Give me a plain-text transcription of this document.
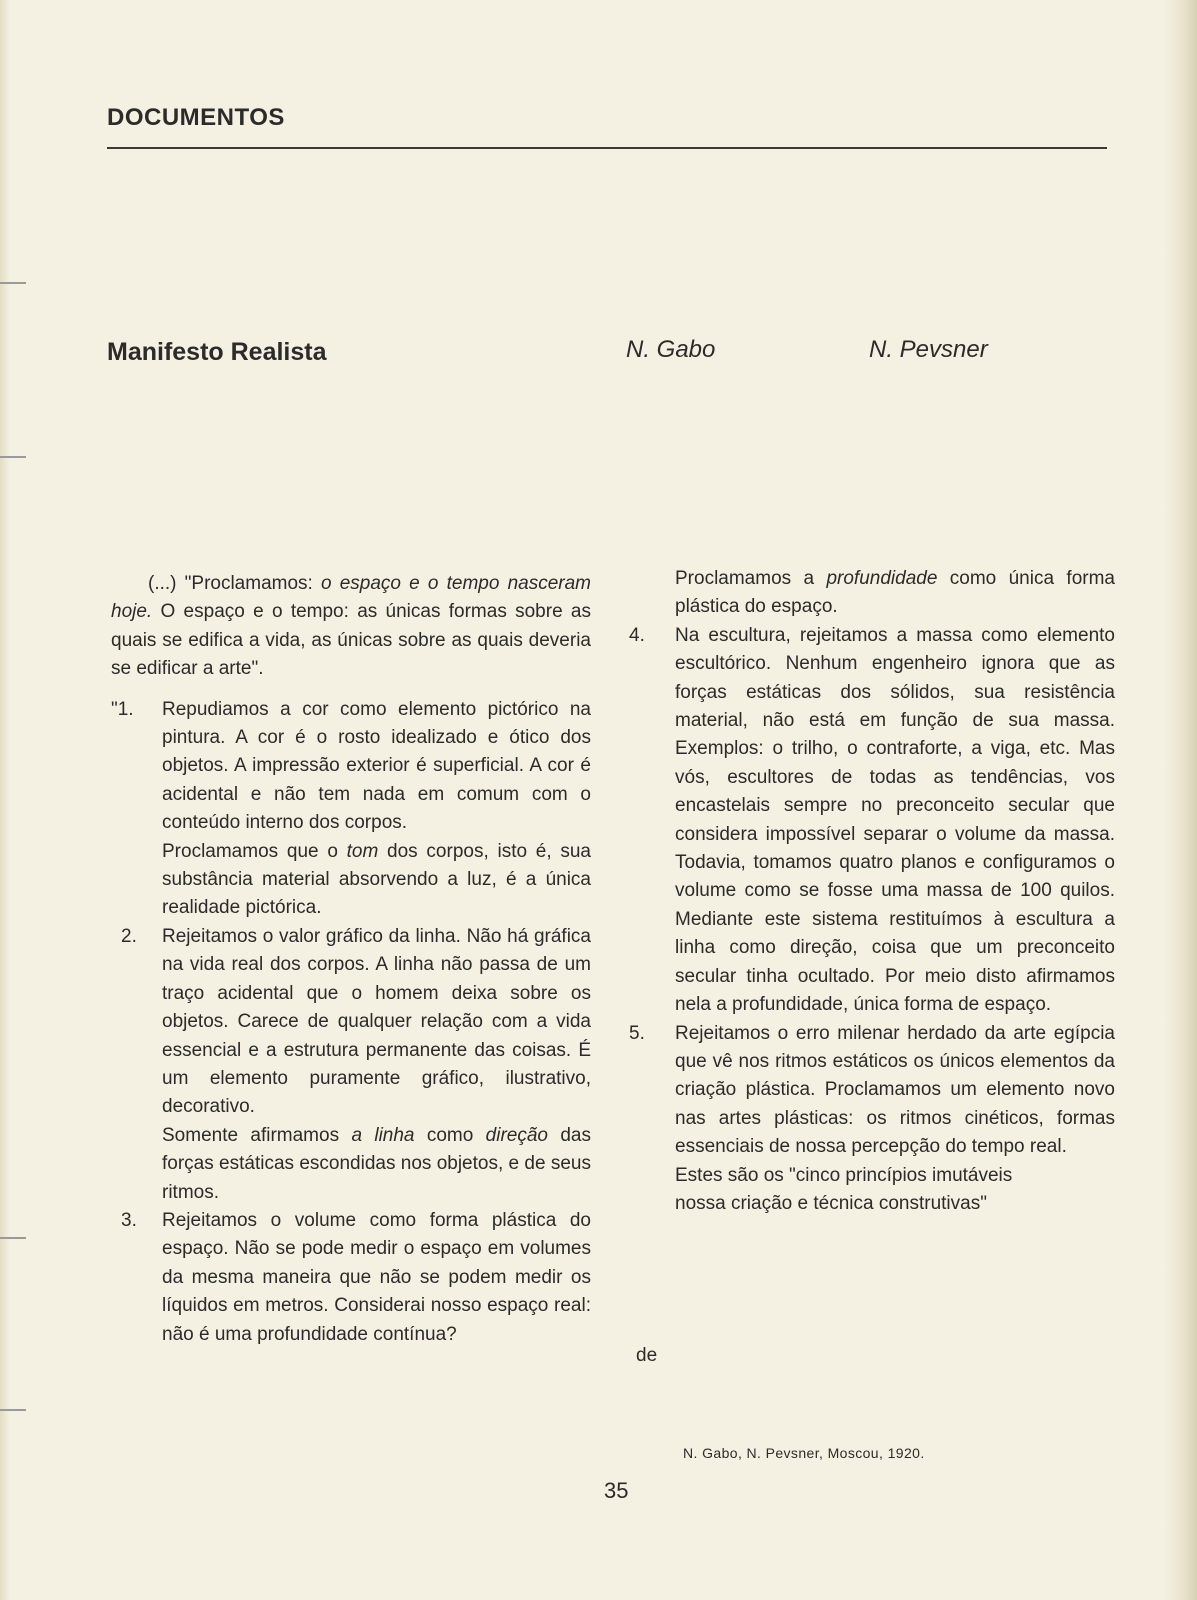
DOCUMENTOS
Manifesto Realista	N. Gabo	N. Pevsner

(...) "Proclamamos: o espaço e o tempo nasceram hoje. O espaço e o tempo: as únicas formas sobre as quais se edifica a vida, as únicas sobre as quais deveria se edificar a arte".

"1. Repudiamos a cor como elemento pictórico na pintura. A cor é o rosto idealizado e ótico dos objetos. A impressão exterior é superficial. A cor é acidental e não tem nada em comum com o conteúdo interno dos corpos.

Proclamamos que o tom dos corpos, isto é, sua substância material absorvendo a luz, é a única realidade pictórica.

2. Rejeitamos o valor gráfico da linha. Não há gráfica na vida real dos corpos. A linha não passa de um traço acidental que o homem deixa sobre os objetos. Carece de qualquer relação com a vida essencial e a estrutura permanente das coisas. É um elemento puramente gráfico, ilustrativo, decorativo.

Somente afirmamos a linha como direção das forças estáticas escondidas nos objetos, e de seus ritmos.

3. Rejeitamos o volume como forma plástica do espaço. Não se pode medir o espaço em volumes da mesma maneira que não se podem medir os líquidos em metros. Considerai nosso espaço real: não é uma profundidade contínua?

Proclamamos a profundidade como única forma plástica do espaço.

4. Na escultura, rejeitamos a massa como elemento escultórico. Nenhum engenheiro ignora que as forças estáticas dos sólidos, sua resistência material, não está em função de sua massa. Exemplos: o trilho, o contraforte, a viga, etc. Mas vós, escultores de todas as tendências, vos encastelais sempre no preconceito secular que considera impossível separar o volume da massa. Todavia, tomamos quatro planos e configuramos o volume como se fosse uma massa de 100 quilos. Mediante este sistema restituímos à escultura a linha como direção, coisa que um preconceito secular tinha ocultado. Por meio disto afirmamos nela a profundidade, única forma de espaço.

5. Rejeitamos o erro milenar herdado da arte egípcia que vê nos ritmos estáticos os únicos elementos da criação plástica. Proclamamos um elemento novo nas artes plásticas: os ritmos cinéticos, formas essenciais de nossa percepção do tempo real.

Estes são os "cinco princípios imutáveis

nossa criação e técnica construtivas"

de
N. Gabo, N. Pevsner, Moscou, 1920.
35
